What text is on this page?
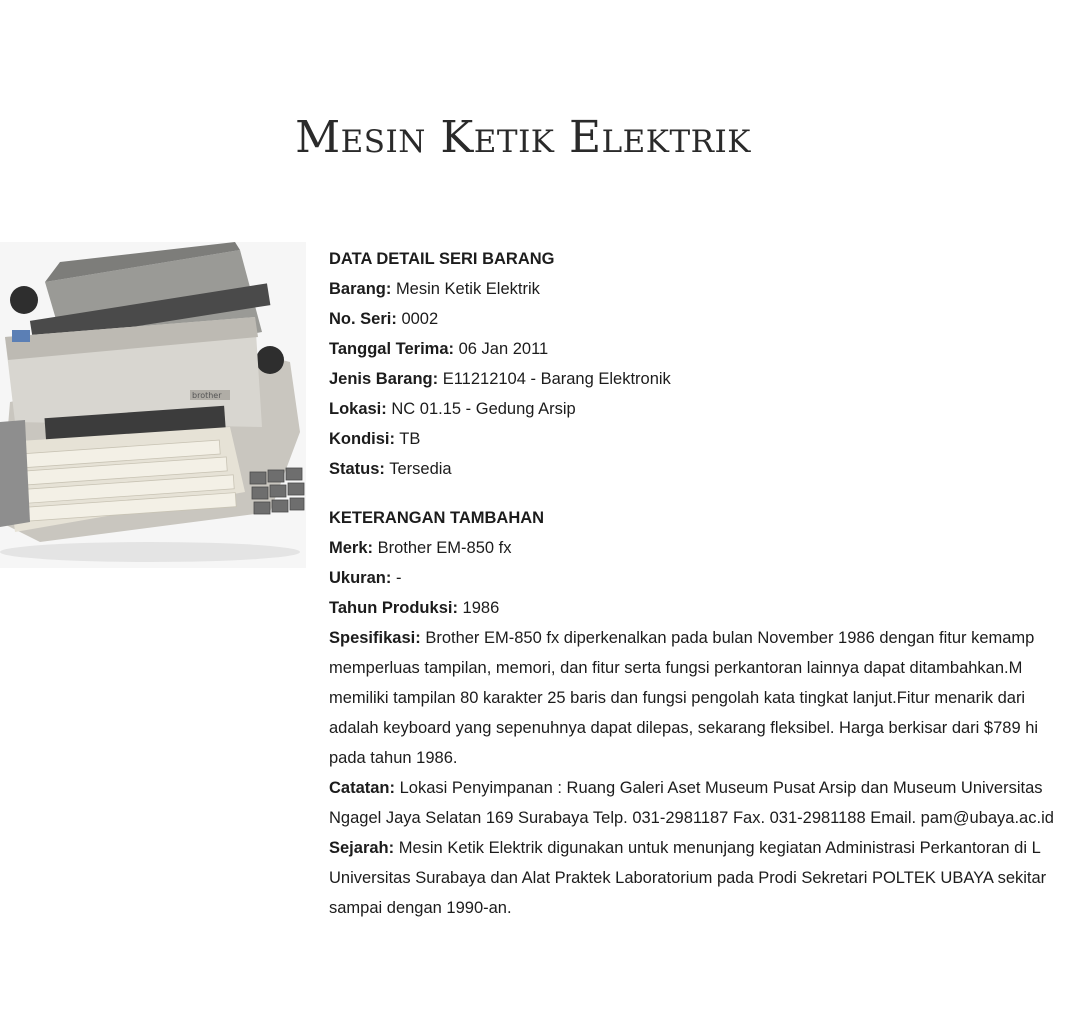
Mesin Ketik Elektrik
brother
DATA DETAIL SERI BARANG
Barang: Mesin Ketik Elektrik
No. Seri: 0002
Tanggal Terima: 06 Jan 2011
Jenis Barang: E11212104 - Barang Elektronik
Lokasi: NC 01.15 - Gedung Arsip
Kondisi: TB
Status: Tersedia
KETERANGAN TAMBAHAN
Merk: Brother EM-850 fx
Ukuran: -
Tahun Produksi: 1986
Spesifikasi: Brother EM-850 fx diperkenalkan pada bulan November 1986 dengan fitur kemamp
memperluas tampilan, memori, dan fitur serta fungsi perkantoran lainnya dapat ditambahkan.M
memiliki tampilan 80 karakter 25 baris dan fungsi pengolah kata tingkat lanjut.Fitur menarik dari
adalah keyboard yang sepenuhnya dapat dilepas, sekarang fleksibel. Harga berkisar dari $789 hi
pada tahun 1986.
Catatan: Lokasi Penyimpanan : Ruang Galeri Aset Museum Pusat Arsip dan Museum Universitas
Ngagel Jaya Selatan 169 Surabaya Telp. 031-2981187 Fax. 031-2981188 Email. pam@ubaya.ac.id
Sejarah: Mesin Ketik Elektrik digunakan untuk menunjang kegiatan Administrasi Perkantoran di L
Universitas Surabaya dan Alat Praktek Laboratorium pada Prodi Sekretari POLTEK UBAYA sekitar
sampai dengan 1990-an.
